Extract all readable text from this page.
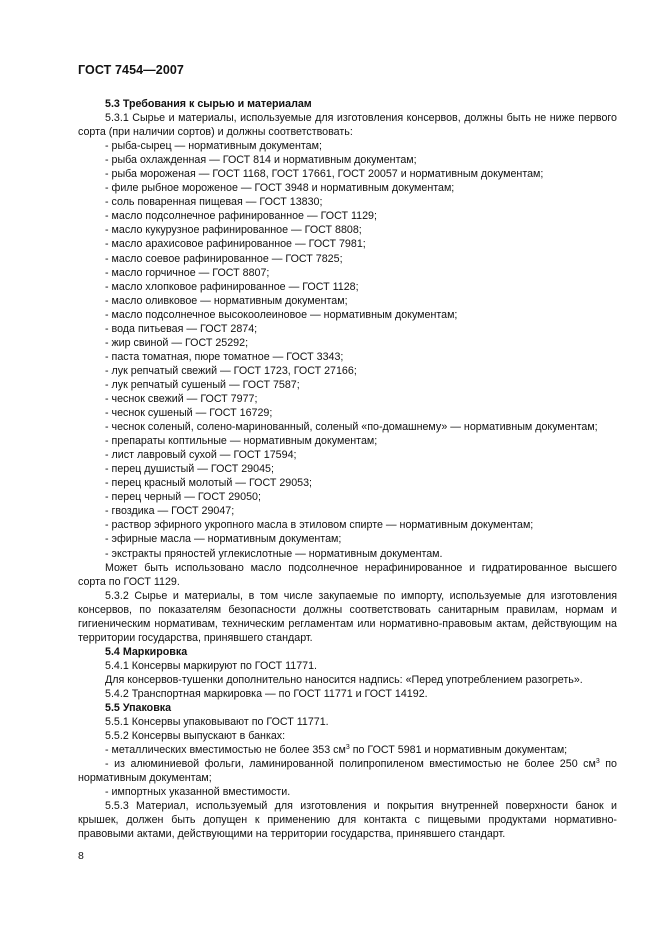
ГОСТ 7454—2007

5.3 Требования к сырью и материалам

5.3.1 Сырье и материалы, используемые для изготовления консервов, должны быть не ниже первого сорта (при наличии сортов) и должны соответствовать:

- рыба-сырец — нормативным документам;

- рыба охлажденная — ГОСТ 814 и нормативным документам;

- рыба мороженая — ГОСТ 1168, ГОСТ 17661, ГОСТ 20057 и нормативным документам;

- филе рыбное мороженое — ГОСТ 3948 и нормативным документам;

- соль поваренная пищевая — ГОСТ 13830;

- масло подсолнечное рафинированное — ГОСТ 1129;

- масло кукурузное рафинированное — ГОСТ 8808;

- масло арахисовое рафинированное — ГОСТ 7981;

- масло соевое рафинированное — ГОСТ 7825;

- масло горчичное — ГОСТ 8807;

- масло хлопковое рафинированное — ГОСТ 1128;

- масло оливковое — нормативным документам;

- масло подсолнечное высокоолеиновое — нормативным документам;

- вода питьевая — ГОСТ 2874;

- жир свиной — ГОСТ 25292;

- паста томатная, пюре томатное — ГОСТ 3343;

- лук репчатый свежий — ГОСТ 1723, ГОСТ 27166;

- лук репчатый сушеный — ГОСТ 7587;

- чеснок свежий — ГОСТ 7977;

- чеснок сушеный — ГОСТ 16729;

- чеснок соленый, солено-маринованный, соленый «по-домашнему» — нормативным документам;

- препараты коптильные — нормативным документам;

- лист лавровый сухой — ГОСТ 17594;

- перец душистый — ГОСТ 29045;

- перец красный молотый — ГОСТ 29053;

- перец черный — ГОСТ 29050;

- гвоздика — ГОСТ 29047;

- раствор эфирного укропного масла в этиловом спирте — нормативным документам;

- эфирные масла — нормативным документам;

- экстракты пряностей углекислотные — нормативным документам.

Может быть использовано масло подсолнечное нерафинированное и гидратированное высшего сорта по ГОСТ 1129.

5.3.2 Сырье и материалы, в том числе закупаемые по импорту, используемые для изготовления консервов, по показателям безопасности должны соответствовать санитарным правилам, нормам и гигиеническим нормативам, техническим регламентам или нормативно-правовым актам, действующим на территории государства, принявшего стандарт.

5.4 Маркировка

5.4.1 Консервы маркируют по ГОСТ 11771.

Для консервов-тушенки дополнительно наносится надпись: «Перед употреблением разогреть».

5.4.2 Транспортная маркировка — по ГОСТ 11771 и ГОСТ 14192.

5.5 Упаковка

5.5.1 Консервы упаковывают по ГОСТ 11771.

5.5.2 Консервы выпускают в банках:

- металлических вместимостью не более 353 $см^3$ по ГОСТ 5981 и нормативным документам;

- из алюминиевой фольги, ламинированной полипропиленом вместимостью не более 250 $см^3$ по нормативным документам;

- импортных указанной вместимости.

5.5.3 Материал, используемый для изготовления и покрытия внутренней поверхности банок и крышек, должен быть допущен к применению для контакта с пищевыми продуктами нормативно-правовыми актами, действующими на территории государства, принявшего стандарт.

8
